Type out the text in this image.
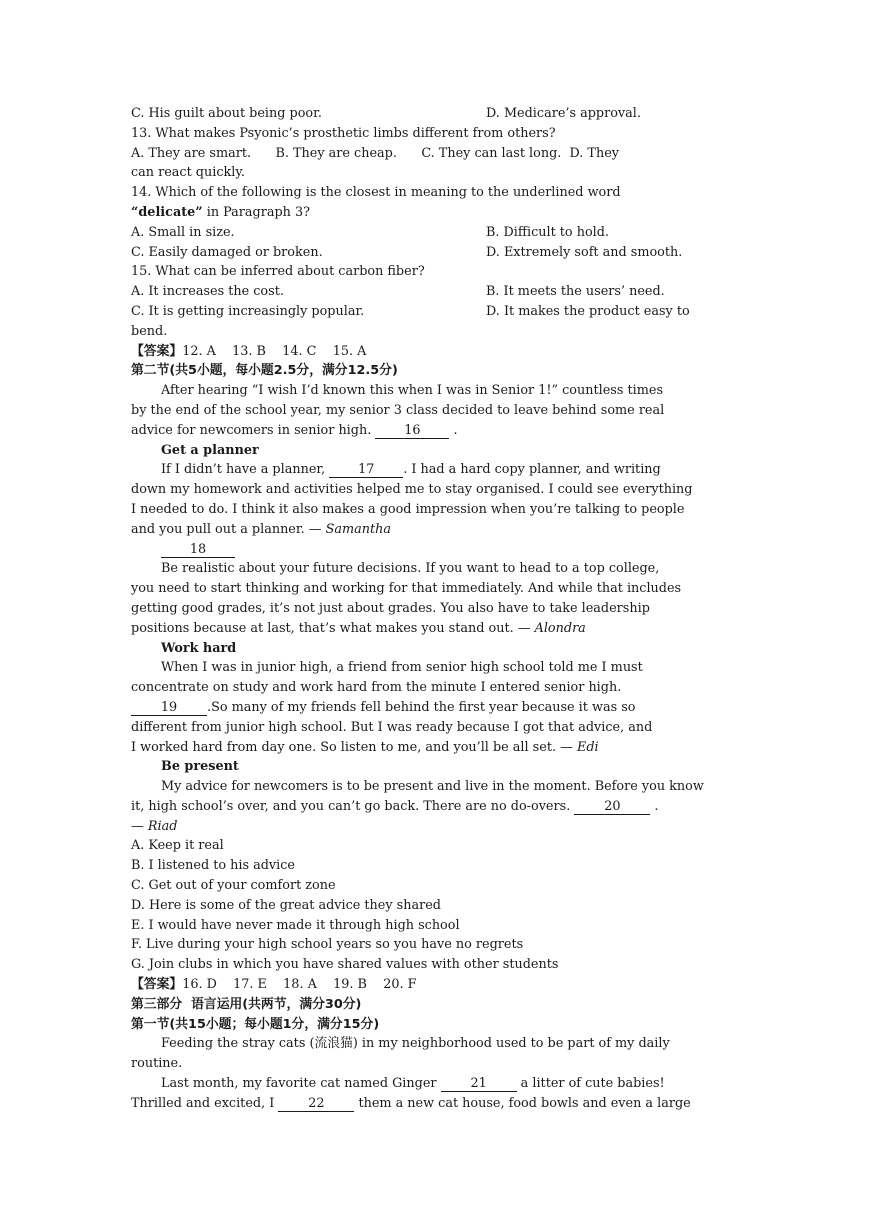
C. His guilt about being poor.	D. Medicare’s approval.
13. What makes Psyonic’s prosthetic limbs different from others?
A. They are smart.      B. They are cheap.      C. They can last long.  D. They
can react quickly.
14. Which of the following is the closest in meaning to the underlined word
“delicate” in Paragraph 3?
A. Small in size.	B. Difficult to hold.
C. Easily damaged or broken.	D. Extremely soft and smooth.
15. What can be inferred about carbon fiber?
A. It increases the cost.	B. It meets the users’ need.
C. It is getting increasingly popular.	D. It makes the product easy to
bend.
【答案】12. A    13. B    14. C    15. A
第二节(共5小题，每小题2.5分，满分12.5分)
After hearing “I wish I’d known this when I was in Senior 1!” countless times
by the end of the school year, my senior 3 class decided to leave behind some real
advice for newcomers in senior high.	16	.
Get a planner
If I didn’t have a planner,	17 . I had a hard copy planner, and writing
down my homework and activities helped me to stay organised. I could see everything
I needed to do. I think it also makes a good impression when you’re talking to people
and you pull out a planner. — Samantha
18
Be realistic about your future decisions. If you want to head to a top college,
you need to start thinking and working for that immediately. And while that includes
getting good grades, it’s not just about grades. You also have to take leadership
positions because at last, that’s what makes you stand out. — Alondra
Work hard
When I was in junior high, a friend from senior high school told me I must
concentrate on study and work hard from the minute I entered senior high.
19 .So many of my friends fell behind the first year because it was so
different from junior high school. But I was ready because I got that advice, and
I worked hard from day one. So listen to me, and you’ll be all set. — Edi
Be present
My advice for newcomers is to be present and live in the moment. Before you know
it, high school’s over, and you can’t go back. There are no do-overs.	20	.
— Riad
A. Keep it real
B. I listened to his advice
C. Get out of your comfort zone
D. Here is some of the great advice they shared
E. I would have never made it through high school
F. Live during your high school years so you have no regrets
G. Join clubs in which you have shared values with other students
【答案】16. D    17. E    18. A    19. B    20. F
第三部分  语言运用(共两节，满分30分)
第一节(共15小题；每小题1分，满分15分)
Feeding the stray cats (流浪猫) in my neighborhood used to be part of my daily
routine.
Last month, my favorite cat named Ginger	21	a litter of cute babies!
Thrilled and excited, I	22	them a new cat house, food bowls and even a large
